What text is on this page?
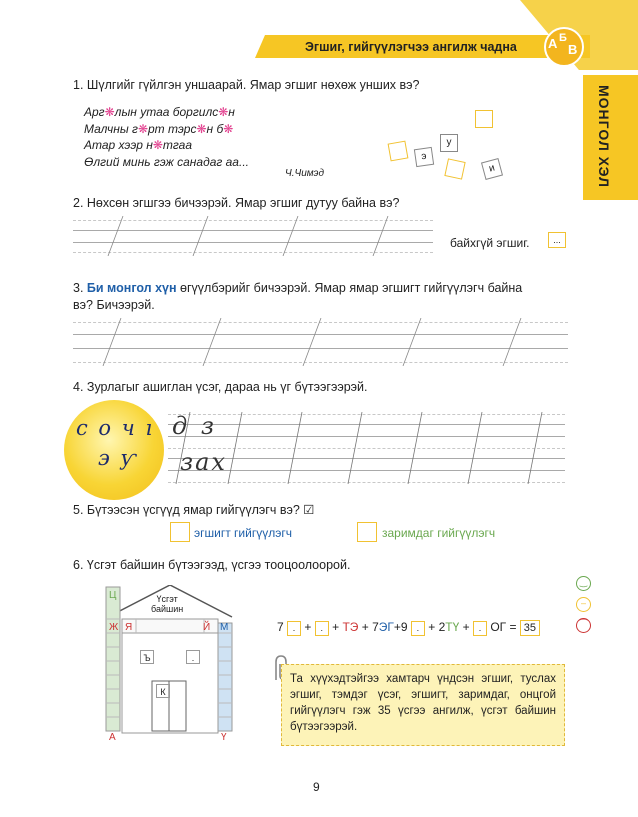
Эгшиг, гийгүүлэгчээ ангилж чадна А Б
В
МОНГОЛ ХЭЛ
1. Шүлгийг гүйлгэн уншаарай. Ямар эгшиг нөхөж унших вэ?
Арг❋лын утаа боргилс❋н
Малчны г❋рт тэрс❋н б❋
Атар хээр н❋тгаа
Өлгий минь гэж санадаг аа...
Ч.Чимэд
у
э
и
2. Нөхсөн эгшгээ бичээрэй. Ямар эгшиг дутуу байна вэ?
байхгүй эгшиг.	...
3. Би монгол хүн өгүүлбэрийг бичээрэй. Ямар ямар эгшигт гийгүүлэгч байна
вэ? Бичээрэй.
4. Зурлагыг ашиглан үсэг, дараа нь үг бүтээгээрэй.
с о ч ı
э ƴ
д з
зах
5. Бүтээсэн үсгүүд ямар гийгүүлэгч вэ? ☑
эгшигт гийгүүлэгч	заримдаг гийгүүлэгч
6. Үсгэт байшин бүтээгээд, үсгээ тооцоолоорой.
‿
–
⌒
Үсгэт
байшин
Ц
Ж Я	Й М
А	Ү
Ъ	.
К
7 . + . + ТЭ + 7ЭГ+9 . + 2ТҮ + . ОГ = 35
Та хүүхэдтэйгээ хамтарч үндсэн эгшиг, туслах эгшиг, тэмдэг үсэг, эгшигт, заримдаг, онцгой гийгүүлэгч гэж 35 үсгээ ангилж, үсгэт байшин бүтээгээрэй.
9
